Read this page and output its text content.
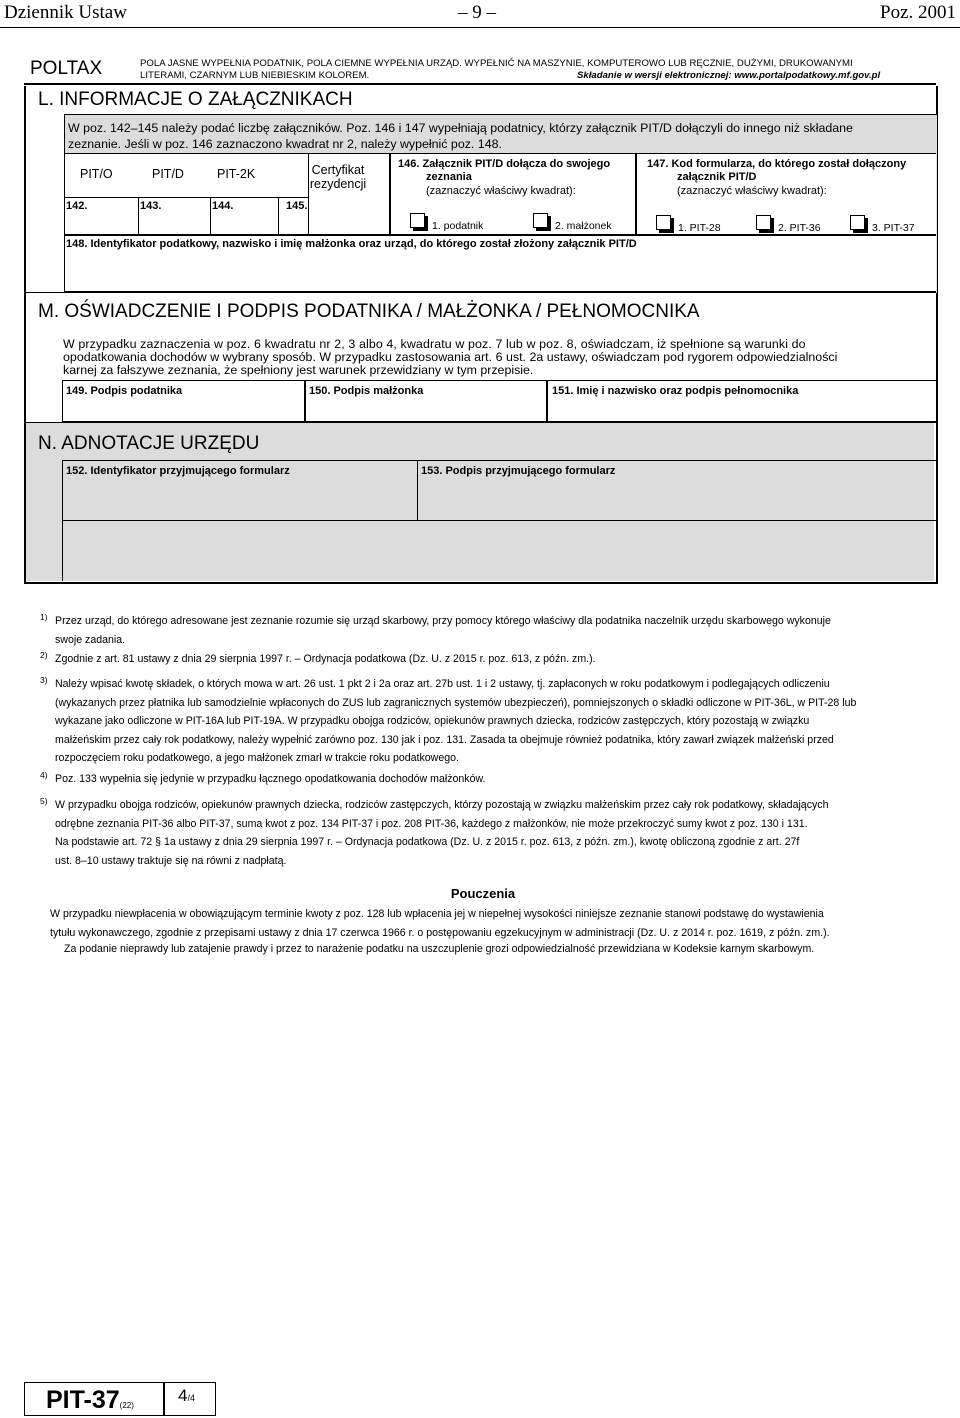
Dziennik Ustaw	– 9 –	Poz. 2001
POLTAX	POLA JASNE WYPEŁNIA PODATNIK, POLA CIEMNE WYPEŁNIA URZĄD. WYPEŁNIĆ NA MASZYNIE, KOMPUTEROWO LUB RĘCZNIE, DUŻYMI, DRUKOWANYMI
LITERAMI, CZARNYM LUB NIEBIESKIM KOLOREM.	Składanie w wersji elektronicznej: www.portalpodatkowy.mf.gov.pl
L. INFORMACJE O ZAŁĄCZNIKACH
W poz. 142–145 należy podać liczbę załączników. Poz. 146 i 147 wypełniają podatnicy, którzy załącznik PIT/D dołączyli do innego niż składane
zeznanie. Jeśli w poz. 146 zaznaczono kwadrat nr 2, należy wypełnić poz. 148.
PIT/O	PIT/D	PIT-2K	Certyfikat
rezydencji
142.	143.	144.	145.
146. Załącznik PIT/D dołącza do swojego
zeznania
(zaznaczyć właściwy kwadrat):
1. podatnik	2. małżonek
147. Kod formularza, do którego został dołączony
załącznik PIT/D
(zaznaczyć właściwy kwadrat):
1. PIT-28	2. PIT-36	3. PIT-37
148. Identyfikator podatkowy, nazwisko i imię małżonka oraz urząd, do którego został złożony załącznik PIT/D
M. OŚWIADCZENIE I PODPIS PODATNIKA / MAŁŻONKA / PEŁNOMOCNIKA
W przypadku zaznaczenia w poz. 6 kwadratu nr 2, 3 albo 4, kwadratu w poz. 7 lub w poz. 8, oświadczam, iż spełnione są warunki do
opodatkowania dochodów w wybrany sposób. W przypadku zastosowania art. 6 ust. 2a ustawy, oświadczam pod rygorem odpowiedzialności
karnej za fałszywe zeznania, że spełniony jest warunek przewidziany w tym przepisie.
149. Podpis podatnika	150. Podpis małżonka	151. Imię i nazwisko oraz podpis pełnomocnika
N. ADNOTACJE URZĘDU
152. Identyfikator przyjmującego formularz	153. Podpis przyjmującego formularz
1) Przez urząd, do którego adresowane jest zeznanie rozumie się urząd skarbowy, przy pomocy którego właściwy dla podatnika naczelnik urzędu skarbowego wykonuje
swoje zadania.
2) Zgodnie z art. 81 ustawy z dnia 29 sierpnia 1997 r. – Ordynacja podatkowa (Dz. U. z 2015 r. poz. 613, z późn. zm.).
3) Należy wpisać kwotę składek, o których mowa w art. 26 ust. 1 pkt 2 i 2a oraz art. 27b ust. 1 i 2 ustawy, tj. zapłaconych w roku podatkowym i podlegających odliczeniu
(wykazanych przez płatnika lub samodzielnie wpłaconych do ZUS lub zagranicznych systemów ubezpieczeń), pomniejszonych o składki odliczone w PIT-36L, w PIT-28 lub
wykazane jako odliczone w PIT-16A lub PIT-19A. W przypadku obojga rodziców, opiekunów prawnych dziecka, rodziców zastępczych, który pozostają w związku
małżeńskim przez cały rok podatkowy, należy wypełnić zarówno poz. 130 jak i poz. 131. Zasada ta obejmuje również podatnika, który zawarł związek małżeński przed
rozpoczęciem roku podatkowego, a jego małżonek zmarł w trakcie roku podatkowego.
4) Poz. 133 wypełnia się jedynie w przypadku łącznego opodatkowania dochodów małżonków.
5) W przypadku obojga rodziców, opiekunów prawnych dziecka, rodziców zastępczych, którzy pozostają w związku małżeńskim przez cały rok podatkowy, składających
odrębne zeznania PIT-36 albo PIT-37, suma kwot z poz. 134 PIT-37 i poz. 208 PIT-36, każdego z małżonków, nie może przekroczyć sumy kwot z poz. 130 i 131.
Na podstawie art. 72 § 1a ustawy z dnia 29 sierpnia 1997 r. – Ordynacja podatkowa (Dz. U. z 2015 r. poz. 613, z późn. zm.), kwotę obliczoną zgodnie z art. 27f
ust. 8–10 ustawy traktuje się na równi z nadpłatą.
Pouczenia
W przypadku niewpłacenia w obowiązującym terminie kwoty z poz. 128 lub wpłacenia jej w niepełnej wysokości niniejsze zeznanie stanowi podstawę do wystawienia
tytułu wykonawczego, zgodnie z przepisami ustawy z dnia 17 czerwca 1966 r. o postępowaniu egzekucyjnym w administracji (Dz. U. z 2014 r. poz. 1619, z późn. zm.).
Za podanie nieprawdy lub zatajenie prawdy i przez to narażenie podatku na uszczuplenie grozi odpowiedzialność przewidziana w Kodeksie karnym skarbowym.
PIT-37(22)
4/4
